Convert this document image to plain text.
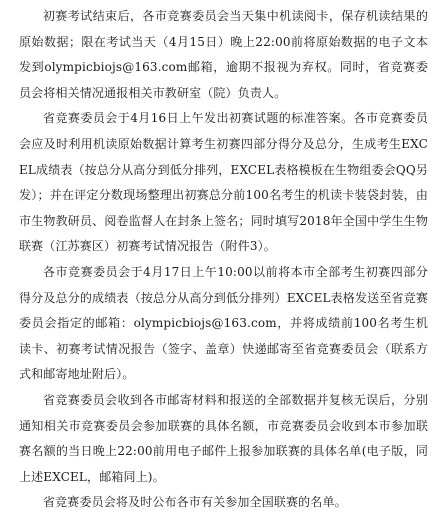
初赛考试结束后，各市竞赛委员会当天集中机读阅卡，保存机读结果的原始数据；限在考试当天（4月15日）晚上22:00前将原始数据的电子文本发到olympicbiojs@163.com邮箱，逾期不报视为弃权。同时，省竞赛委员会将相关情况通报相关市教研室（院）负责人。

省竞赛委员会于4月16日上午发出初赛试题的标准答案。各市竞赛委员会应及时利用机读原始数据计算考生初赛四部分得分及总分，生成考生EXCEL成绩表（按总分从高分到低分排列，EXCEL表格模板在生物组委会QQ另发）；并在评定分数现场整理出初赛总分前100名考生的机读卡装袋封装，由市生物教研员、阅卷监督人在封条上签名；同时填写2018年全国中学生生物联赛（江苏赛区）初赛考试情况报告（附件3）。

各市竞赛委员会于4月17日上午10:00以前将本市全部考生初赛四部分得分及总分的成绩表（按总分从高分到低分排列）EXCEL表格发送至省竞赛委员会指定的邮箱：olympicbiojs@163.com，并将成绩前100名考生机读卡、初赛考试情况报告（签字、盖章）快递邮寄至省竞赛委员会（联系方式和邮寄地址附后）。

省竞赛委员会收到各市邮寄材料和报送的全部数据并复核无误后，分别通知相关市竞赛委员会参加联赛的具体名额，市竞赛委员会收到本市参加联赛名额的当日晚上22:00前用电子邮件上报参加联赛的具体名单(电子版，同上述EXCEL，邮箱同上)。

省竞赛委员会将及时公布各市有关参加全国联赛的名单。
